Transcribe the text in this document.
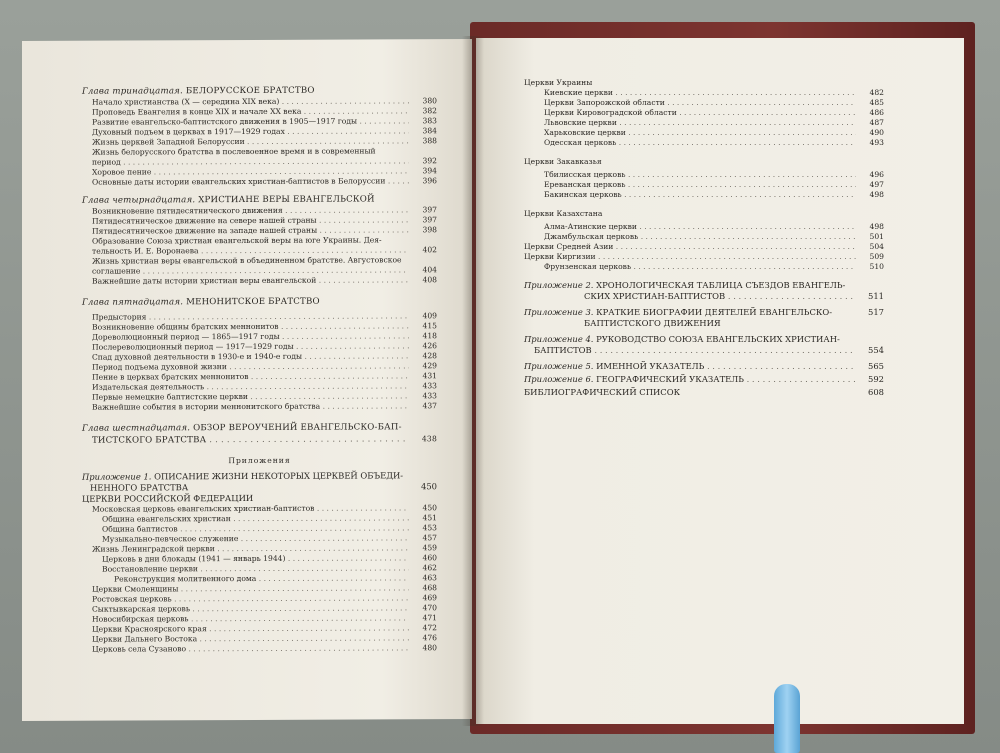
Глава тринадцатая. БЕЛОРУССКОЕ БРАТСТВО
Начало христианства (X — середина XIX века) . . .	380
Проповедь Евангелия в конце XIX и начале XX века . . .	382
Развитие евангельско-баптистского движения в 1905—1917 годы . . .	383
Духовный подъем в церквах в 1917—1929 годах . . .	384
Жизнь церквей Западной Белоруссии . . .	388
Жизнь белорусского братства в послевоенное время и в современный
период . . .	392
Хоровое пение . . .	394
Основные даты истории евангельских христиан-баптистов в Белоруссии . . .	396
Глава четырнадцатая. ХРИСТИАНЕ ВЕРЫ ЕВАНГЕЛЬСКОЙ
Возникновение пятидесятнического движения . . .	397
Пятидесятническое движение на севере нашей страны . . .	397
Пятидесятническое движение на западе нашей страны . . .	398
Образование Союза христиан евангельской веры на юге Украины. Дея-
тельность И. Е. Воронаева . . .	402
Жизнь христиан веры евангельской в объединенном братстве. Августовское
соглашение . . .	404
Важнейшие даты истории христиан веры евангельской . . .	408
Глава пятнадцатая. МЕНОНИТСКОЕ БРАТСТВО
Предыстория . . .	409
Возникновение общины братских меннонитов . . .	415
Дореволюционный период — 1865—1917 годы . . .	418
Послереволюционный период — 1917—1929 годы . . .	426
Спад духовной деятельности в 1930-е и 1940-е годы . . .	428
Период подъема духовной жизни . . .	429
Пение в церквах братских меннонитов . . .	431
Издательская деятельность . . .	433
Первые немецкие баптистские церкви . . .	433
Важнейшие события в истории меннонитского братства . . .	437
Глава шестнадцатая. ОБЗОР ВЕРОУЧЕНИЙ ЕВАНГЕЛЬСКО-БАП-
ТИСТСКОГО БРАТСТВА . . .	438
Приложения
Приложение 1. ОПИСАНИЕ ЖИЗНИ НЕКОТОРЫХ ЦЕРКВЕЙ ОБЪЕДИ-
НЕННОГО БРАТСТВА	450
ЦЕРКВИ РОССИЙСКОЙ ФЕДЕРАЦИИ
Московская церковь евангельских христиан-баптистов . . .	450
Община евангельских христиан . . .	451
Община баптистов . . .	453
Музыкально-певческое служение . . .	457
Жизнь Ленинградской церкви . . .	459
Церковь в дни блокады (1941 — январь 1944) . . .	460
Восстановление церкви . . .	462
Реконструкция молитвенного дома . . .	463
Церкви Смоленщины . . .	468
Ростовская церковь . . .	469
Сыктывкарская церковь . . .	470
Новосибирская церковь . . .	471
Церкви Красноярского края . . .	472
Церкви Дальнего Востока . . .	476
Церковь села Сузаново . . .	480
Церкви Украины
Киевские церкви . . .	482
Церкви Запорожской области . . .	485
Церкви Кировоградской области . . .	486
Львовские церкви . . .	487
Харьковские церкви . . .	490
Одесская церковь . . .	493
Церкви Закавказья
Тбилисская церковь . . .	496
Ереванская церковь . . .	497
Бакинская церковь . . .	498
Церкви Казахстана
Алма-Атинские церкви . . .	498
Джамбульская церковь . . .	501
Церкви Средней Азии . . .	504
Церкви Киргизии . . .	509
Фрунзенская церковь . . .	510
Приложение 2. ХРОНОЛОГИЧЕСКАЯ ТАБЛИЦА СЪЕЗДОВ ЕВАНГЕЛЬ-
СКИХ ХРИСТИАН-БАПТИСТОВ . . .	511
Приложение 3. КРАТКИЕ БИОГРАФИИ ДЕЯТЕЛЕЙ ЕВАНГЕЛЬСКО-	517
БАПТИСТСКОГО ДВИЖЕНИЯ
Приложение 4. РУКОВОДСТВО СОЮЗА ЕВАНГЕЛЬСКИХ ХРИСТИАН-
БАПТИСТОВ . . .	554
Приложение 5. ИМЕННОЙ УКАЗАТЕЛЬ . . .	565
Приложение 6. ГЕОГРАФИЧЕСКИЙ УКАЗАТЕЛЬ . . .	592
БИБЛИОГРАФИЧЕСКИЙ СПИСОК	608
